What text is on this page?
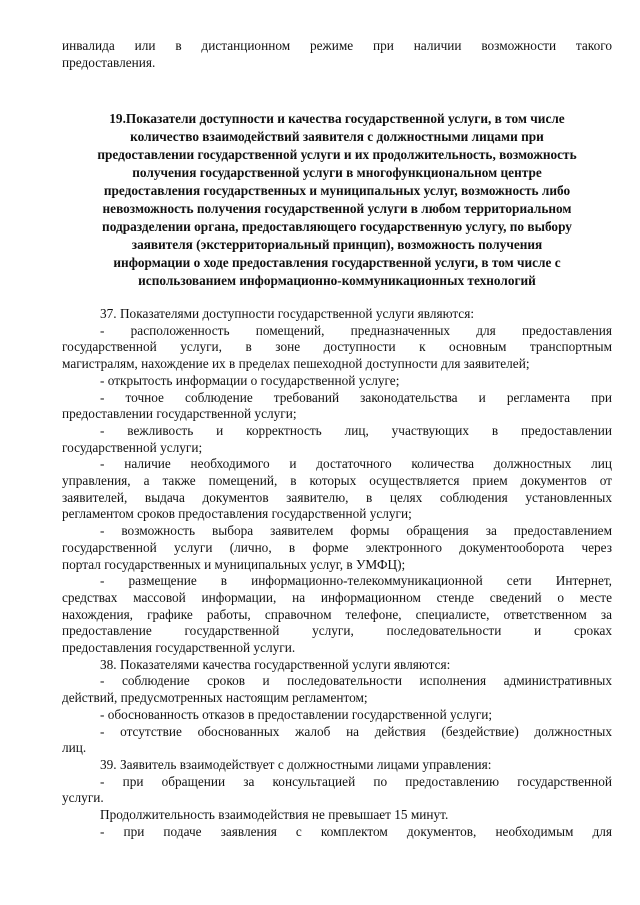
инвалида или в дистанционном режиме при наличии возможности такого

предоставления.

19.Показатели доступности и качества государственной услуги, в том числе
количество взаимодействий заявителя с должностными лицами при
предоставлении государственной услуги и их продолжительность, возможность
получения государственной услуги в многофункциональном центре
предоставления государственных и муниципальных услуг, возможность либо
невозможность получения государственной услуги в любом территориальном
подразделении органа, предоставляющего государственную услугу, по выбору
заявителя (экстерриториальный принцип), возможность получения
информации о ходе предоставления государственной услуги, в том числе с
использованием информационно-коммуникационных технологий

37. Показателями доступности государственной услуги являются:

- расположенность помещений, предназначенных для предоставления

государственной услуги, в зоне доступности к основным транспортным

магистралям, нахождение их в пределах пешеходной доступности для заявителей;

- открытость информации о государственной услуге;

- точное соблюдение требований законодательства и регламента при

предоставлении государственной услуги;

- вежливость и корректность лиц, участвующих в предоставлении

государственной услуги;

- наличие необходимого и достаточного количества должностных лиц

управления, а также помещений, в которых осуществляется прием документов от

заявителей, выдача документов заявителю, в целях соблюдения установленных

регламентом сроков предоставления государственной услуги;

- возможность выбора заявителем формы обращения за предоставлением

государственной услуги (лично, в форме электронного документооборота через

портал государственных и муниципальных услуг, в УМФЦ);

- размещение в информационно-телекоммуникационной сети Интернет,

средствах массовой информации, на информационном стенде сведений о месте

нахождения, графике работы, справочном телефоне, специалисте, ответственном за

предоставление государственной услуги, последовательности и сроках

предоставления государственной услуги.

38. Показателями качества государственной услуги являются:

- соблюдение сроков и последовательности исполнения административных

действий, предусмотренных настоящим регламентом;

- обоснованность отказов в предоставлении государственной услуги;

- отсутствие обоснованных жалоб на действия (бездействие) должностных

лиц.

39. Заявитель взаимодействует с должностными лицами управления:

- при обращении за консультацией по предоставлению государственной

услуги.

Продолжительность взаимодействия не превышает 15 минут.

- при подаче заявления с комплектом документов, необходимым для
